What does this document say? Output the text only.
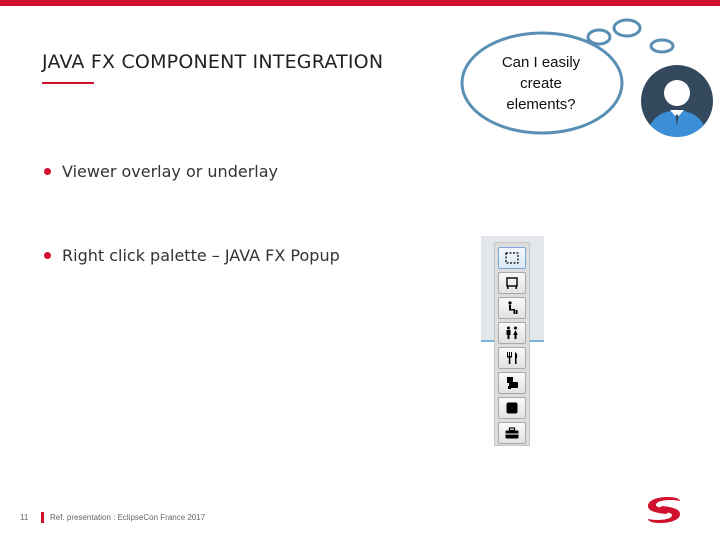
JAVA FX COMPONENT INTEGRATION
Viewer overlay or underlay
Right click palette – JAVA FX Popup
Can I easily
create
elements?
11	Ref. presentation : EclipseCon France 2017
